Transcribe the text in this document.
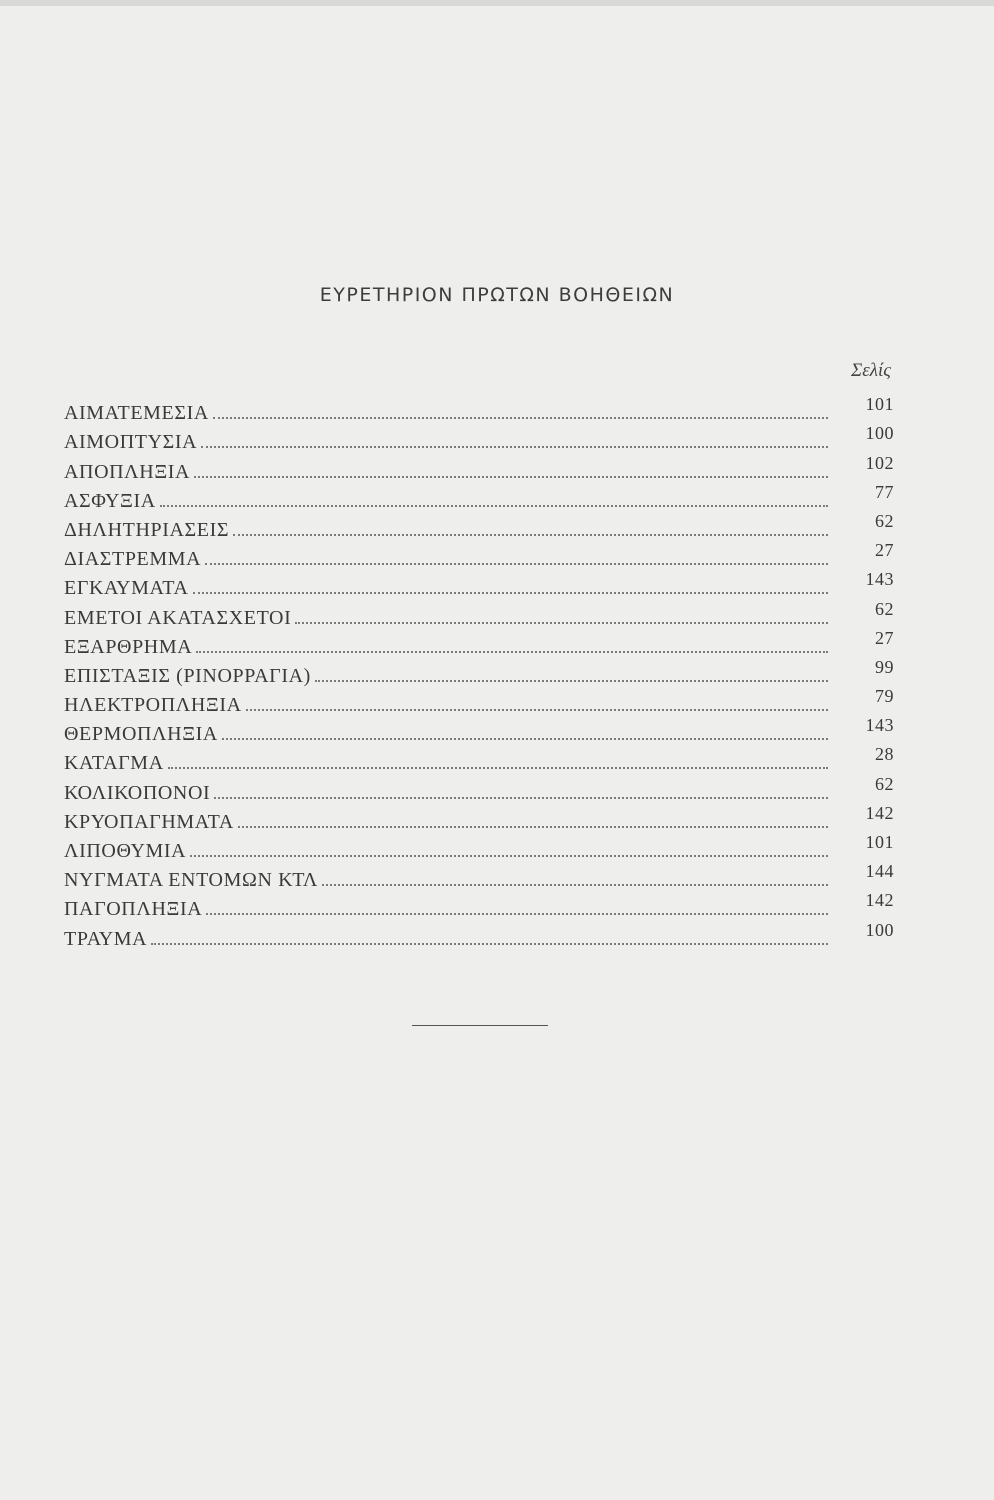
ΕΥΡΕΤΗΡΙΟΝ ΠΡΩΤΩΝ ΒΟΗΘΕΙΩΝ
Σελίς
ΑΙΜΑΤΕΜΕΣΙΑ	101
ΑΙΜΟΠΤΥΣΙΑ	100
ΑΠΟΠΛΗΞΙΑ	102
ΑΣΦΥΞΙΑ	77
ΔΗΛΗΤΗΡΙΑΣΕΙΣ	62
ΔΙΑΣΤΡΕΜΜΑ	27
ΕΓΚΑΥΜΑΤΑ	143
ΕΜΕΤΟΙ ΑΚΑΤΑΣΧΕΤΟΙ	62
ΕΞΑΡΘΡΗΜΑ	27
ΕΠΙΣΤΑΞΙΣ (ΡΙΝΟΡΡΑΓΙΑ)	99
ΗΛΕΚΤΡΟΠΛΗΞΙΑ	79
ΘΕΡΜΟΠΛΗΞΙΑ	143
ΚΑΤΑΓΜΑ	28
ΚΟΛΙΚΟΠΟΝΟΙ	62
ΚΡΥΟΠΑΓΗΜΑΤΑ	142
ΛΙΠΟΘΥΜΙΑ	101
ΝΥΓΜΑΤΑ ΕΝΤΟΜΩΝ ΚΤΛ	144
ΠΑΓΟΠΛΗΞΙΑ	142
ΤΡΑΥΜΑ	100
